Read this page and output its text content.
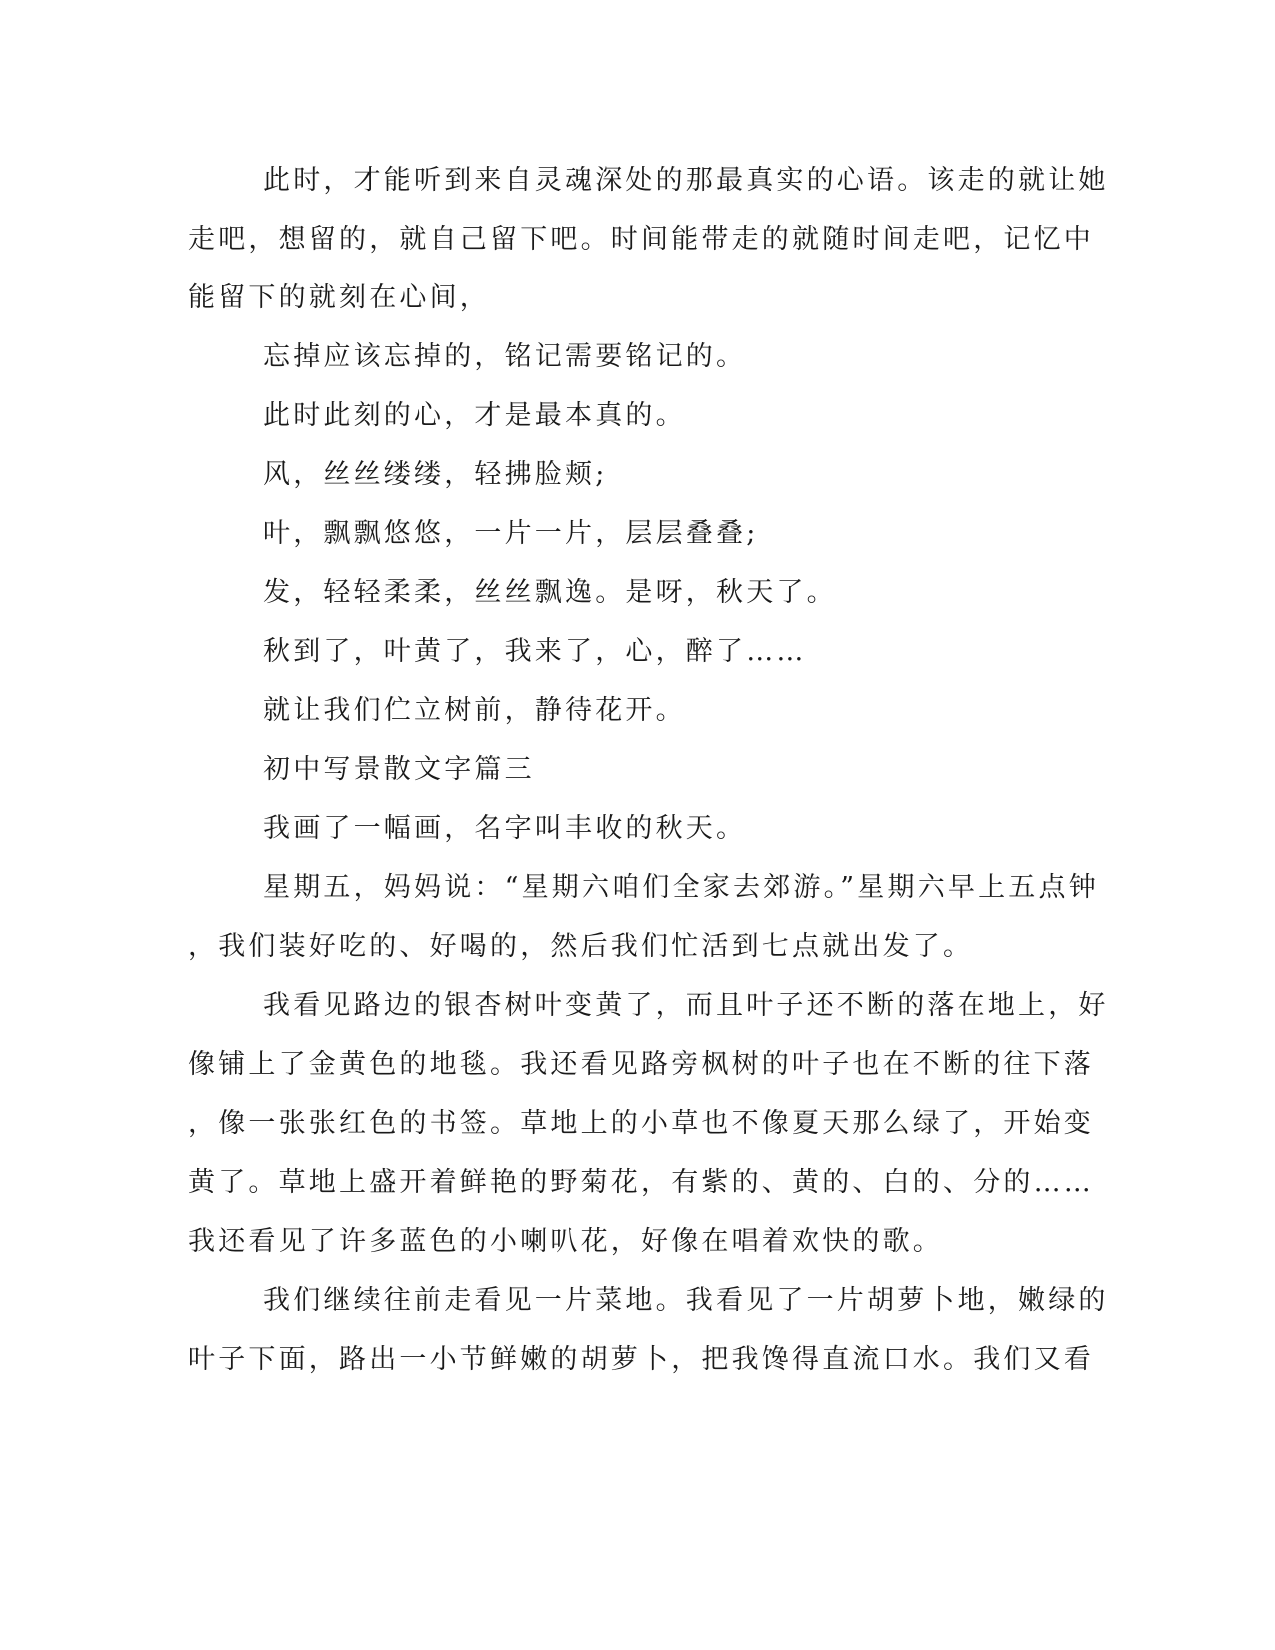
此时，才能听到来自灵魂深处的那最真实的心语。该走的就让她
走吧，想留的，就自己留下吧。时间能带走的就随时间走吧，记忆中
能留下的就刻在心间，
忘掉应该忘掉的，铭记需要铭记的。
此时此刻的心，才是最本真的。
风，丝丝缕缕，轻拂脸颊;
叶，飘飘悠悠，一片一片，层层叠叠;
发，轻轻柔柔，丝丝飘逸。是呀，秋天了。
秋到了，叶黄了，我来了，心，醉了……
就让我们伫立树前，静待花开。
初中写景散文字篇三
我画了一幅画，名字叫丰收的秋天。
星期五，妈妈说：“星期六咱们全家去郊游。”星期六早上五点钟
，我们装好吃的、好喝的，然后我们忙活到七点就出发了。
我看见路边的银杏树叶变黄了，而且叶子还不断的落在地上，好
像铺上了金黄色的地毯。我还看见路旁枫树的叶子也在不断的往下落
，像一张张红色的书签。草地上的小草也不像夏天那么绿了，开始变
黄了。草地上盛开着鲜艳的野菊花，有紫的、黄的、白的、分的……
我还看见了许多蓝色的小喇叭花，好像在唱着欢快的歌。
我们继续往前走看见一片菜地。我看见了一片胡萝卜地，嫩绿的
叶子下面，路出一小节鲜嫩的胡萝卜，把我馋得直流口水。我们又看
